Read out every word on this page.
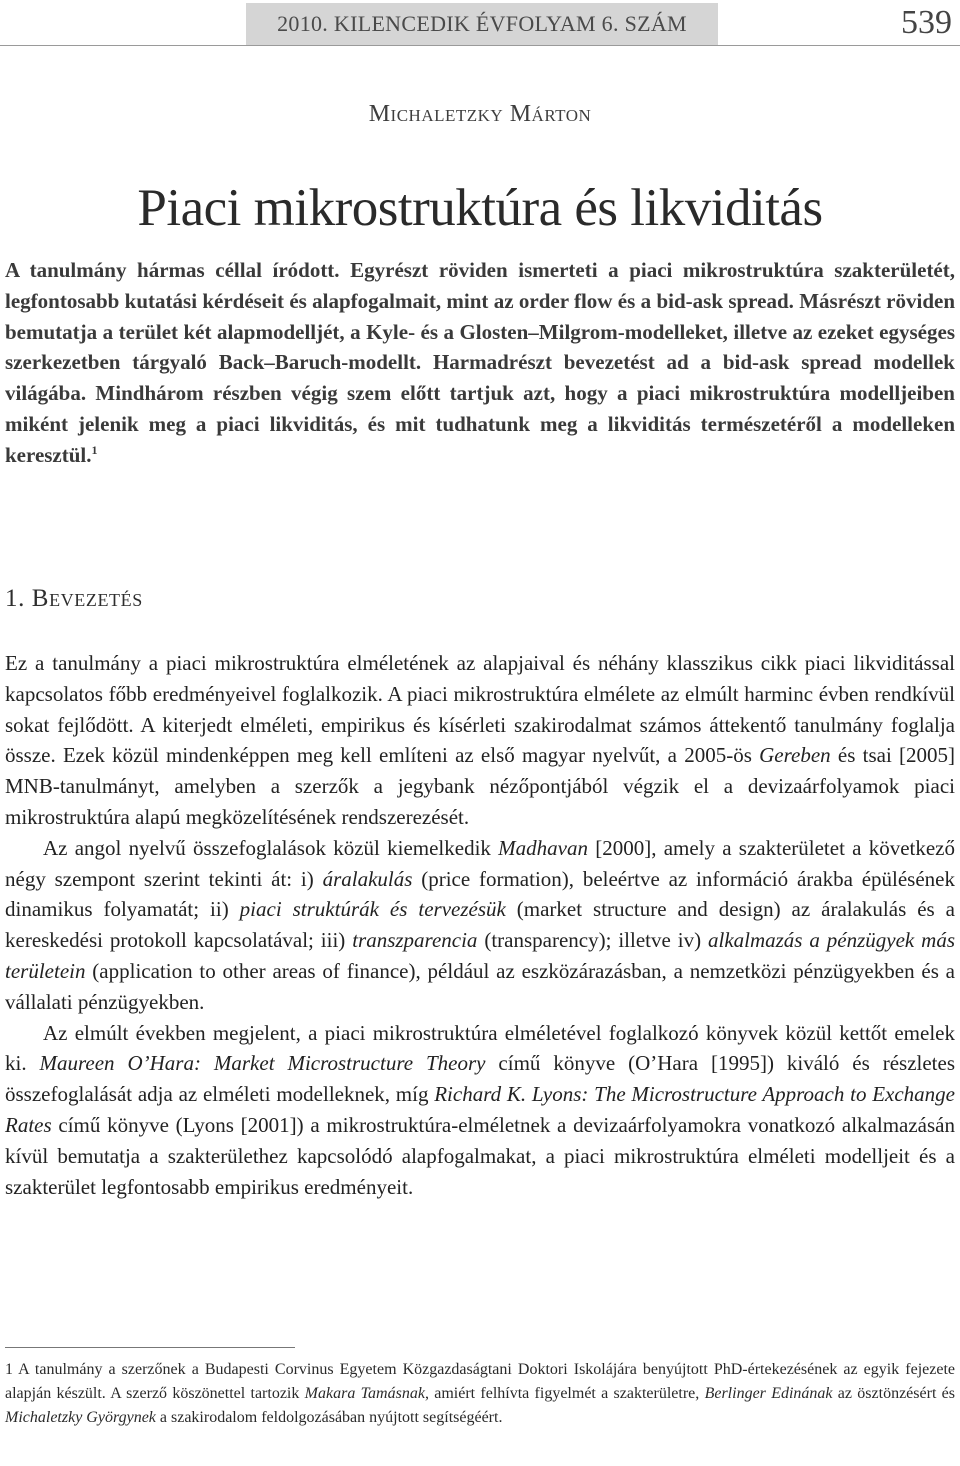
2010. KILENCEDIK ÉVFOLYAM 6. SZÁM	539
Michaletzky Márton
Piaci mikrostruktúra és likviditás

A tanulmány hármas céllal íródott. Egyrészt röviden ismerteti a piaci mikrostruktúra szakterületét, legfontosabb kutatási kérdéseit és alapfogalmait, mint az order flow és a bid-ask spread. Másrészt röviden bemutatja a terület két alapmodelljét, a Kyle- és a Glosten–Milgrom-modelleket, illetve az ezeket egységes szerkezetben tárgyaló Back–Baruch-modellt. Harmadrészt bevezetést ad a bid-ask spread modellek világába. Mindhárom részben végig szem előtt tartjuk azt, hogy a piaci mikrostruktúra modelljeiben miként jelenik meg a piaci likviditás, és mit tudhatunk meg a likviditás természetéről a modelleken keresztül.$^1$

1. Bevezetés

Ez a tanulmány a piaci mikrostruktúra elméletének az alapjaival és néhány klasszikus cikk piaci likviditással kapcsolatos főbb eredményeivel foglalkozik. A piaci mikrostruktúra elmélete az elmúlt harminc évben rendkívül sokat fejlődött. A kiterjedt elméleti, empirikus és kísérleti szakirodalmat számos áttekentő tanulmány foglalja össze. Ezek közül mindenképpen meg kell említeni az első magyar nyelvűt, a 2005-ös Gereben és tsai [2005] MNB-tanulmányt, amelyben a szerzők a jegybank nézőpontjából végzik el a devizaárfolyamok piaci mikrostruktúra alapú megközelítésének rendszerezését.

Az angol nyelvű összefoglalások közül kiemelkedik Madhavan [2000], amely a szakterületet a következő négy szempont szerint tekinti át: i) áralakulás (price formation), beleértve az információ árakba épülésének dinamikus folyamatát; ii) piaci struktúrák és tervezésük (market structure and design) az áralakulás és a kereskedési protokoll kapcsolatával; iii) transzparencia (transparency); illetve iv) alkalmazás a pénzügyek más területein (application to other areas of finance), például az eszközárazásban, a nemzetközi pénzügyekben és a vállalati pénzügyekben.

Az elmúlt években megjelent, a piaci mikrostruktúra elméletével foglalkozó könyvek közül kettőt emelek ki. Maureen O’Hara: Market Microstructure Theory című könyve (O’Hara [1995]) kiváló és részletes összefoglalását adja az elméleti modelleknek, míg Richard K. Lyons: The Microstructure Approach to Exchange Rates című könyve (Lyons [2001]) a mikrostruktúra-elméletnek a devizaárfolyamokra vonatkozó alkalmazásán kívül bemutatja a szakterülethez kapcsolódó alapfogalmakat, a piaci mikrostruktúra elméleti modelljeit és a szakterület legfontosabb empirikus eredményeit.

1 A tanulmány a szerzőnek a Budapesti Corvinus Egyetem Közgazdaságtani Doktori Iskolájára benyújtott PhD-értekezésének az egyik fejezete alapján készült. A szerző köszönettel tartozik Makara Tamásnak, amiért felhívta figyelmét a szakterületre, Berlinger Edinának az ösztönzésért és Michaletzky Györgynek a szakirodalom feldolgozásában nyújtott segítségéért.
